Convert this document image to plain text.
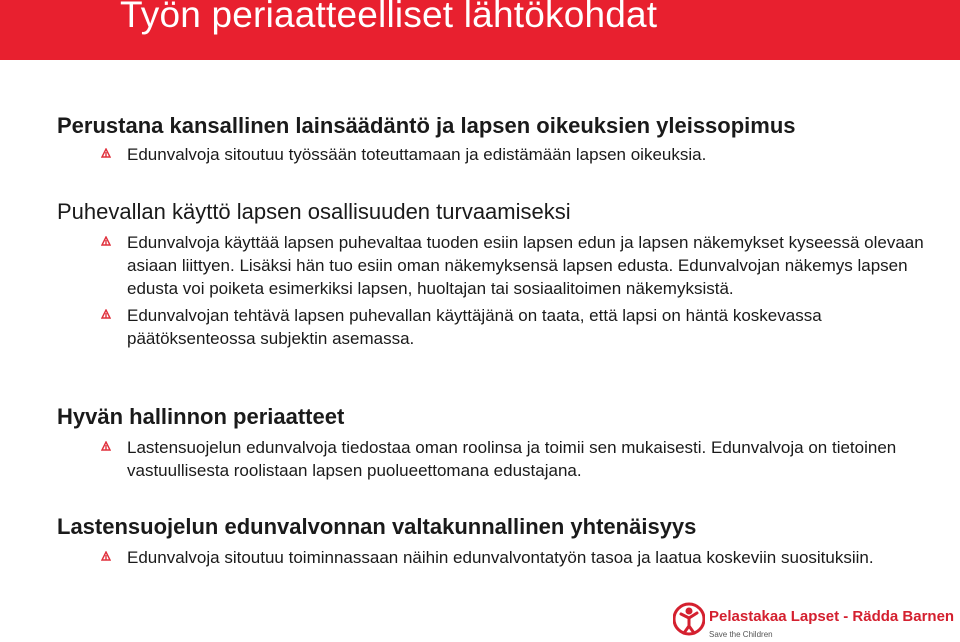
Työn periaatteelliset lähtökohdat
Perustana kansallinen lainsäädäntö ja lapsen oikeuksien yleissopimus
Edunvalvoja sitoutuu työssään toteuttamaan ja edistämään lapsen oikeuksia.
Puhevallan käyttö lapsen osallisuuden turvaamiseksi
Edunvalvoja käyttää lapsen puhevaltaa tuoden esiin lapsen edun ja lapsen näkemykset kyseessä olevaan asiaan liittyen. Lisäksi hän tuo esiin oman näkemyksensä lapsen edusta. Edunvalvojan näkemys lapsen edusta voi poiketa esimerkiksi lapsen, huoltajan tai sosiaalitoimen näkemyksistä.
Edunvalvojan tehtävä lapsen puhevallan käyttäjänä on taata, että lapsi on häntä koskevassa päätöksenteossa subjektin asemassa.
Hyvän hallinnon periaatteet
Lastensuojelun edunvalvoja tiedostaa oman roolinsa ja toimii sen mukaisesti. Edunvalvoja on tietoinen vastuullisesta roolistaan lapsen puolueettomana edustajana.
Lastensuojelun edunvalvonnan valtakunnallinen yhtenäisyys
Edunvalvoja sitoutuu toiminnassaan näihin edunvalvontatyön tasoa ja laatua koskeviin suosituksiin.
Pelastakaa Lapset - Rädda Barnen
Save the Children
